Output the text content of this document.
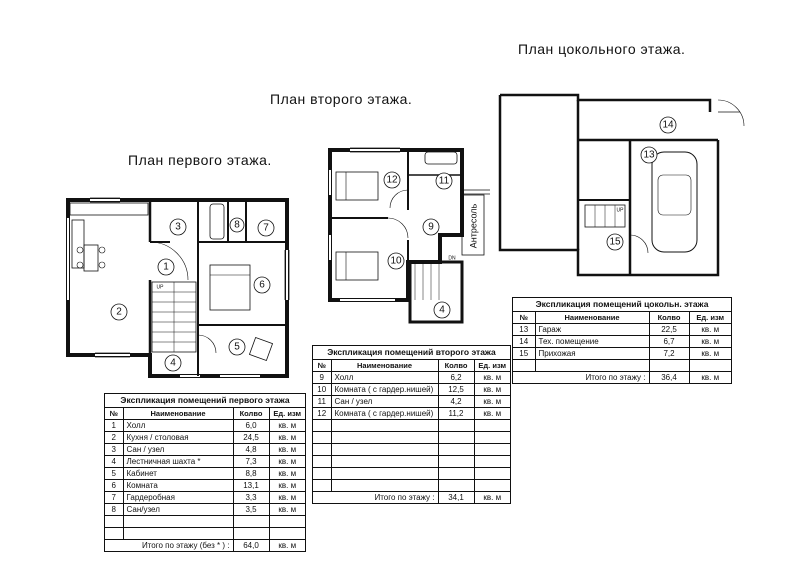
План первого этажа.
План второго этажа.
План цокольного этажа.
1
2
3
4
5
6
7
8
UP
9
10
11
12
4
DN
Антресоль
13
14
15
UP
Экспликация помещений первого этажа
№	Наименование	Колво	Ед. изм
1	Холл	6,0	кв. м
2	Кухня / столовая	24,5	кв. м
3	Сан / узел	4,8	кв. м
4	Лестничная шахта *	7,3	кв. м
5	Кабинет	8,8	кв. м
6	Комната	13,1	кв. м
7	Гардеробная	3,3	кв. м
8	Сан/узел	3,5	кв. м

Итого по этажу (без * ) :		64,0	кв. м
Экспликация помещений второго этажа
№	Наименование	Колво	Ед. изм
9	Холл	6,2	кв. м
10	Комната ( с гардер.нишей)	12,5	кв. м
11	Сан / узел	4,2	кв. м
12	Комната ( с гардер.нишей)	11,2	кв. м

Итого по этажу :		34,1	кв. м
Экспликация помещений цокольн. этажа
№	Наименование	Колво	Ед. изм
13	Гараж	22,5	кв. м
14	Тех. помещение	6,7	кв. м
15	Прихожая	7,2	кв. м

Итого по этажу :		36,4	кв. м
